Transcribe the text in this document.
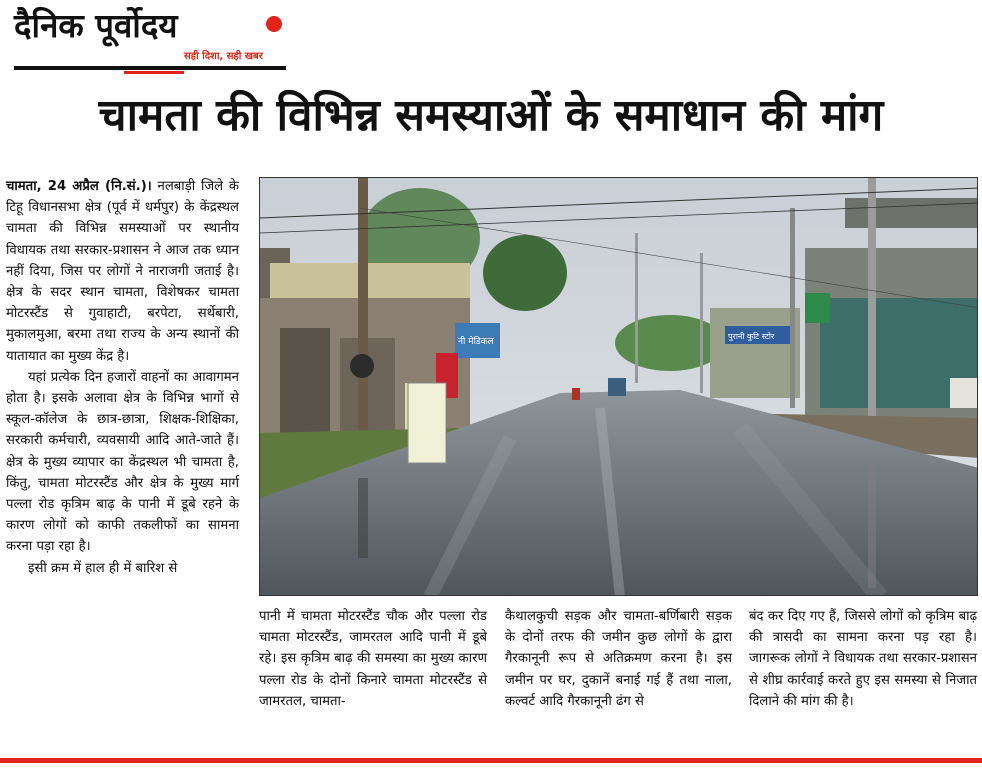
दैनिक पूर्वोदय
सही दिशा, सही खबर
चामता की विभिन्न समस्याओं के समाधान की मांग

चामता, 24 अप्रैल (नि.सं.)। नलबाड़ी जिले के टिहू विधानसभा क्षेत्र (पूर्व में धर्मपुर) के केंद्रस्थल चामता की विभिन्न समस्याओं पर स्थानीय विधायक तथा सरकार-प्रशासन ने आज तक ध्यान नहीं दिया, जिस पर लोगों ने नाराजगी जताई है। क्षेत्र के सदर स्थान चामता, विशेषकर चामता मोटरस्टैंड से गुवाहाटी, बरपेटा, सर्थेबारी, मुकालमुआ, बरमा तथा राज्य के अन्य स्थानों की यातायात का मुख्य केंद्र है।

यहां प्रत्येक दिन हजारों वाहनों का आवागमन होता है। इसके अलावा क्षेत्र के विभिन्न भागों से स्कूल-कॉलेज के छात्र-छात्रा, शिक्षक-शिक्षिका, सरकारी कर्मचारी, व्यवसायी आदि आते-जाते हैं। क्षेत्र के मुख्य व्यापार का केंद्रस्थल भी चामता है, किंतु, चामता मोटरस्टैंड और क्षेत्र के मुख्य मार्ग पल्ला रोड कृत्रिम बाढ़ के पानी में डूबे रहने के कारण लोगों को काफी तकलीफों का सामना करना पड़ा रहा है।

इसी क्रम में हाल ही में बारिश से

नी मेडिकल
पुरानी कुटि स्टोर

पानी में चामता मोटरस्टैंड चौक और पल्ला रोड चामता मोटरस्टैंड, जामरतल आदि पानी में डूबे रहे। इस कृत्रिम बाढ़ की समस्या का मुख्य कारण पल्ला रोड के दोनों किनारे चामता मोटरस्टैंड से जामरतल, चामता-

कैथालकुची सड़क और चामता-बर्णिबारी सड़क के दोनों तरफ की जमीन कुछ लोगों के द्वारा गैरकानूनी रूप से अतिक्रमण करना है। इस जमीन पर घर, दुकानें बनाई गई हैं तथा नाला, कल्वर्ट आदि गैरकानूनी ढंग से

बंद कर दिए गए हैं, जिससे लोगों को कृत्रिम बाढ़ की त्रासदी का सामना करना पड़ रहा है। जागरूक लोगों ने विधायक तथा सरकार-प्रशासन से शीघ्र कार्रवाई करते हुए इस समस्या से निजात दिलाने की मांग की है।
